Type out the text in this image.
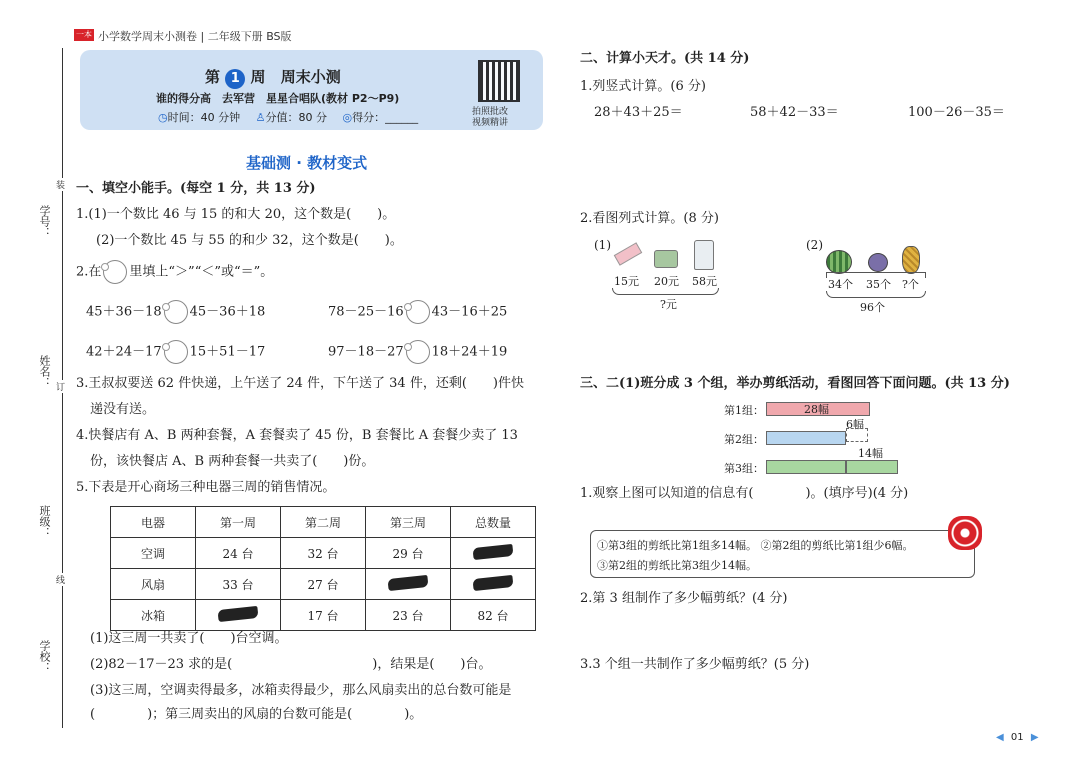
一本 小学数学周末小测卷 | 二年级下册 BS版
学号：
姓名：
班级：
学校：
装
订
线
第 1 周 周末小测
谁的得分高　去军营　星星合唱队(教材 P2～P9)
◷时间：40 分钟 ♙分值：80 分 ◎得分：______	拍照批改
视频精讲
基础测 · 教材变式
一、填空小能手。(每空 1 分，共 13 分)
1.(1)一个数比 46 与 15 的和大 20，这个数是(　　)。
(2)一个数比 45 与 55 的和少 32，这个数是(　　)。
2.在 里填上“＞”“＜”或“＝”。
45＋36－18 45－36＋18	78－25－16 43－16＋25
42＋24－17 15＋51－17	97－18－27 18＋24＋19
3.王叔叔要送 62 件快递，上午送了 24 件，下午送了 34 件，还剩(　　)件快
递没有送。
4.快餐店有 A、B 两种套餐，A 套餐卖了 45 份，B 套餐比 A 套餐少卖了 13
份，该快餐店 A、B 两种套餐一共卖了(　　)份。
5.下表是开心商场三种电器三周的销售情况。
电器	第一周	第二周	第三周	总数量
空调	24 台	32 台	29 台	
风扇	33 台	27 台		
冰箱		17 台	23 台	82 台
(1)这三周一共卖了(　　)台空调。
(2)82－17－23 求的是(	)，结果是(　　)台。
(3)这三周，空调卖得最多，冰箱卖得最少，那么风扇卖出的总台数可能是
(　　　　)；第三周卖出的风扇的台数可能是(　　　　)。
二、计算小天才。(共 14 分)
1.列竖式计算。(6 分)
28＋43＋25＝	58＋42－33＝	100－26－35＝
2.看图列式计算。(8 分)
(1)
15元 20元 58元
?元
(2)
34个 35个 ?个
96个
三、二(1)班分成 3 个组，举办剪纸活动，看图回答下面问题。(共 13 分)
第1组：	28幅
6幅
第2组：
14幅
第3组：
1.观察上图可以知道的信息有(　　　　)。(填序号)(4 分)
①第3组的剪纸比第1组多14幅。 ②第2组的剪纸比第1组少6幅。
③第2组的剪纸比第3组少14幅。
2.第 3 组制作了多少幅剪纸？(4 分)
3.3 个组一共制作了多少幅剪纸？(5 分)
◀ 01 ▶
